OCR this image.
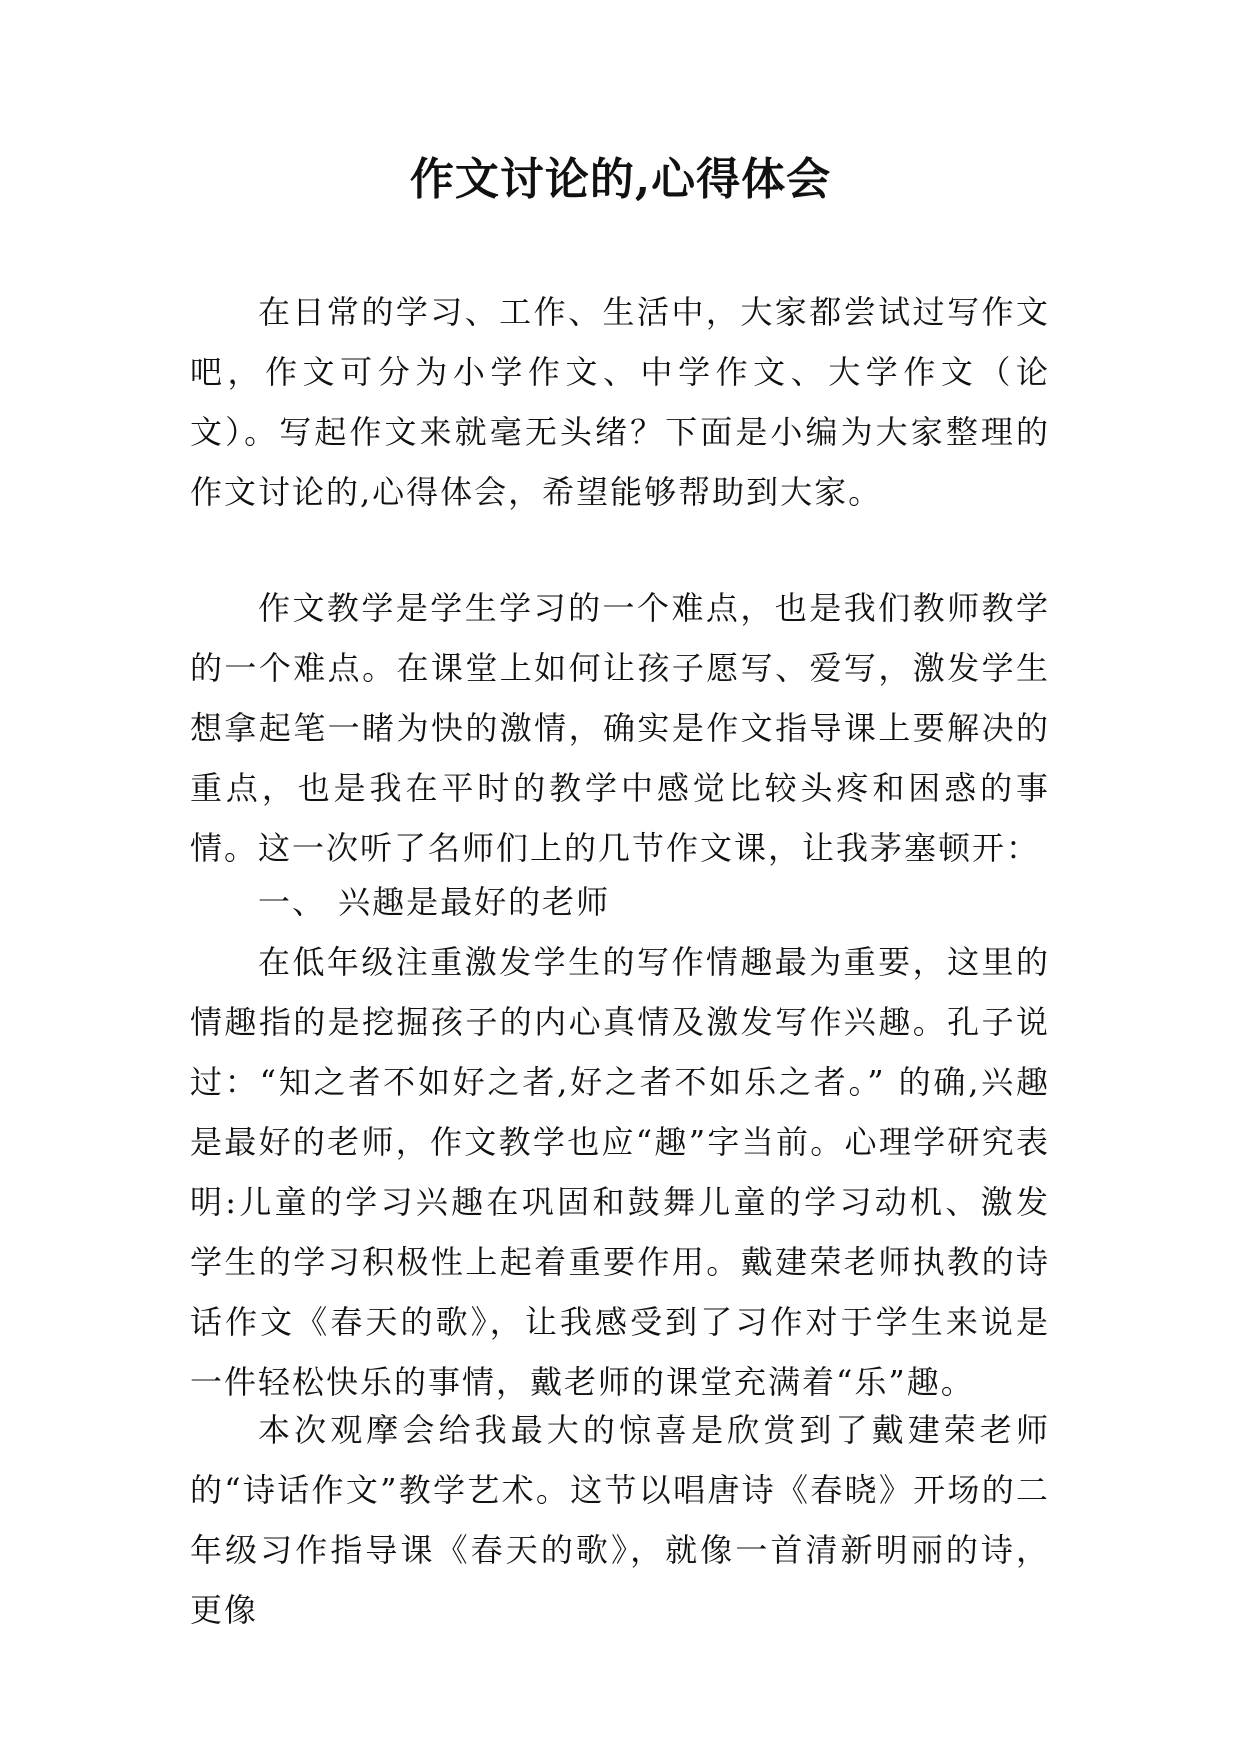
作文讨论的,心得体会

在日常的学习、工作、生活中，大家都尝试过写作文吧，作文可分为小学作文、中学作文、大学作文（论文）。写起作文来就毫无头绪？下面是小编为大家整理的作文讨论的,心得体会，希望能够帮助到大家。

作文教学是学生学习的一个难点，也是我们教师教学的一个难点。在课堂上如何让孩子愿写、爱写，激发学生想拿起笔一睹为快的激情，确实是作文指导课上要解决的重点，也是我在平时的教学中感觉比较头疼和困惑的事情。这一次听了名师们上的几节作文课，让我茅塞顿开：

一、 兴趣是最好的老师

在低年级注重激发学生的写作情趣最为重要，这里的情趣指的是挖掘孩子的内心真情及激发写作兴趣。孔子说过：“知之者不如好之者,好之者不如乐之者。” 的确,兴趣是最好的老师，作文教学也应“趣”字当前。心理学研究表明:儿童的学习兴趣在巩固和鼓舞儿童的学习动机、激发学生的学习积极性上起着重要作用。戴建荣老师执教的诗话作文《春天的歌》，让我感受到了习作对于学生来说是一件轻松快乐的事情，戴老师的课堂充满着“乐”趣。

本次观摩会给我最大的惊喜是欣赏到了戴建荣老师的“诗话作文”教学艺术。这节以唱唐诗《春晓》开场的二年级习作指导课《春天的歌》，就像一首清新明丽的诗，更像
